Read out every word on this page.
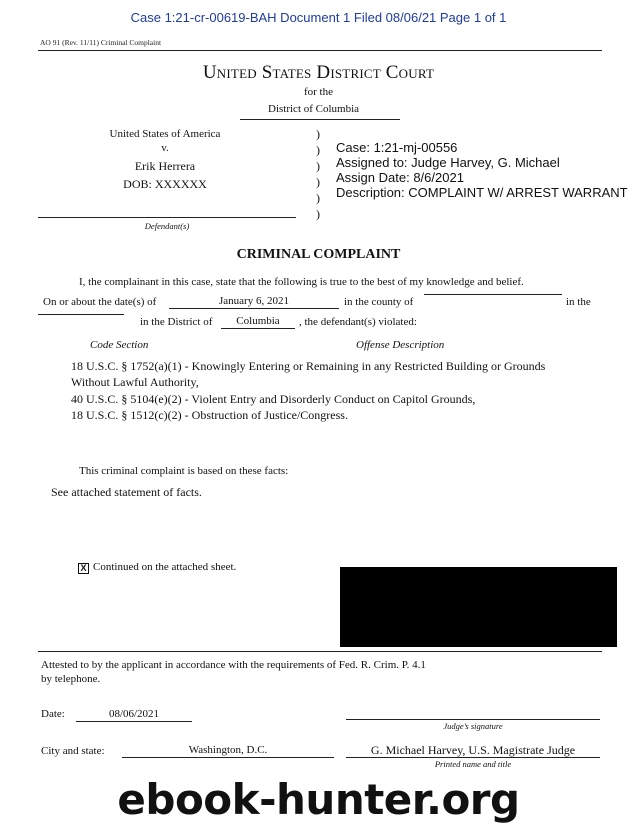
Case 1:21-cr-00619-BAH Document 1 Filed 08/06/21 Page 1 of 1
AO 91 (Rev. 11/11) Criminal Complaint
United States District Court
for the
District of Columbia
United States of America
v.
Erik Herrera
DOB: XXXXXX
Defendant(s)
)
)
)
)
)
)
Case: 1:21-mj-00556
Assigned to: Judge Harvey, G. Michael
Assign Date: 8/6/2021
Description: COMPLAINT W/ ARREST WARRANT
CRIMINAL COMPLAINT
I, the complainant in this case, state that the following is true to the best of my knowledge and belief.
On or about the date(s) of	January 6, 2021	in the county of	in the
in the District of	Columbia	, the defendant(s) violated:
Code Section	Offense Description
18 U.S.C. § 1752(a)(1) - Knowingly Entering or Remaining in any Restricted Building or Grounds
Without Lawful Authority,
40 U.S.C. § 5104(e)(2) - Violent Entry and Disorderly Conduct on Capitol Grounds,
18 U.S.C. § 1512(c)(2) - Obstruction of Justice/Congress.
This criminal complaint is based on these facts:
See attached statement of facts.
X Continued on the attached sheet.
Attested to by the applicant in accordance with the requirements of Fed. R. Crim. P. 4.1
by telephone.
Date:	08/06/2021
Judge’s signature
City and state:	Washington, D.C.	G. Michael Harvey, U.S. Magistrate Judge
Printed name and title
ebook-hunter.org
